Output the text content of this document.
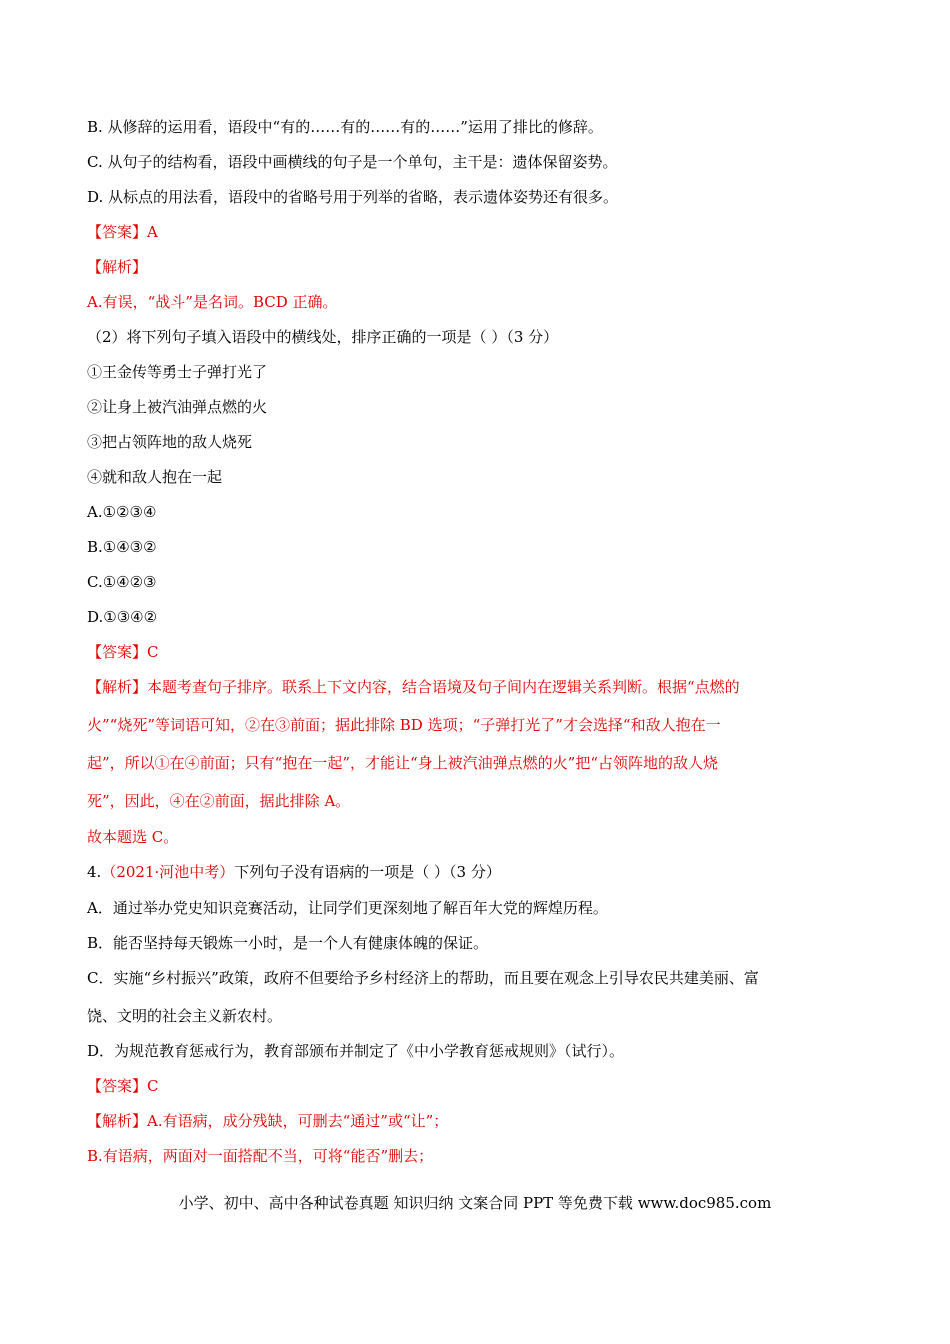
B. 从修辞的运用看，语段中“有的……有的……有的……”运用了排比的修辞。
C. 从句子的结构看，语段中画横线的句子是一个单句，主干是：遗体保留姿势。
D. 从标点的用法看，语段中的省略号用于列举的省略，表示遗体姿势还有很多。
【答案】A
【解析】
A.有误，“战斗”是名词。BCD 正确。
（2）将下列句子填入语段中的横线处，排序正确的一项是（ ）（3 分）
①王金传等勇士子弹打光了
②让身上被汽油弹点燃的火
③把占领阵地的敌人烧死
④就和敌人抱在一起
A.①②③④
B.①④③②
C.①④②③
D.①③④②
【答案】C
【解析】本题考查句子排序。联系上下文内容，结合语境及句子间内在逻辑关系判断。根据“点燃的
火”“烧死”等词语可知，②在③前面；据此排除 BD 选项；“子弹打光了”才会选择“和敌人抱在一
起”，所以①在④前面；只有“抱在一起”，才能让“身上被汽油弹点燃的火”把“占领阵地的敌人烧
死”，因此，④在②前面，据此排除 A。
故本题选 C。
4.（2021·河池中考）下列句子没有语病的一项是（ ）（3 分）
A．通过举办党史知识竞赛活动，让同学们更深刻地了解百年大党的辉煌历程。
B．能否坚持每天锻炼一小时，是一个人有健康体魄的保证。
C．实施“乡村振兴”政策，政府不但要给予乡村经济上的帮助，而且要在观念上引导农民共建美丽、富
饶、文明的社会主义新农村。
D．为规范教育惩戒行为，教育部颁布并制定了《中小学教育惩戒规则》（试行）。
【答案】C
【解析】A.有语病，成分残缺，可删去“通过”或“让”；
B.有语病，两面对一面搭配不当，可将“能否”删去；
小学、初中、高中各种试卷真题 知识归纳 文案合同 PPT 等免费下载 www.doc985.com
